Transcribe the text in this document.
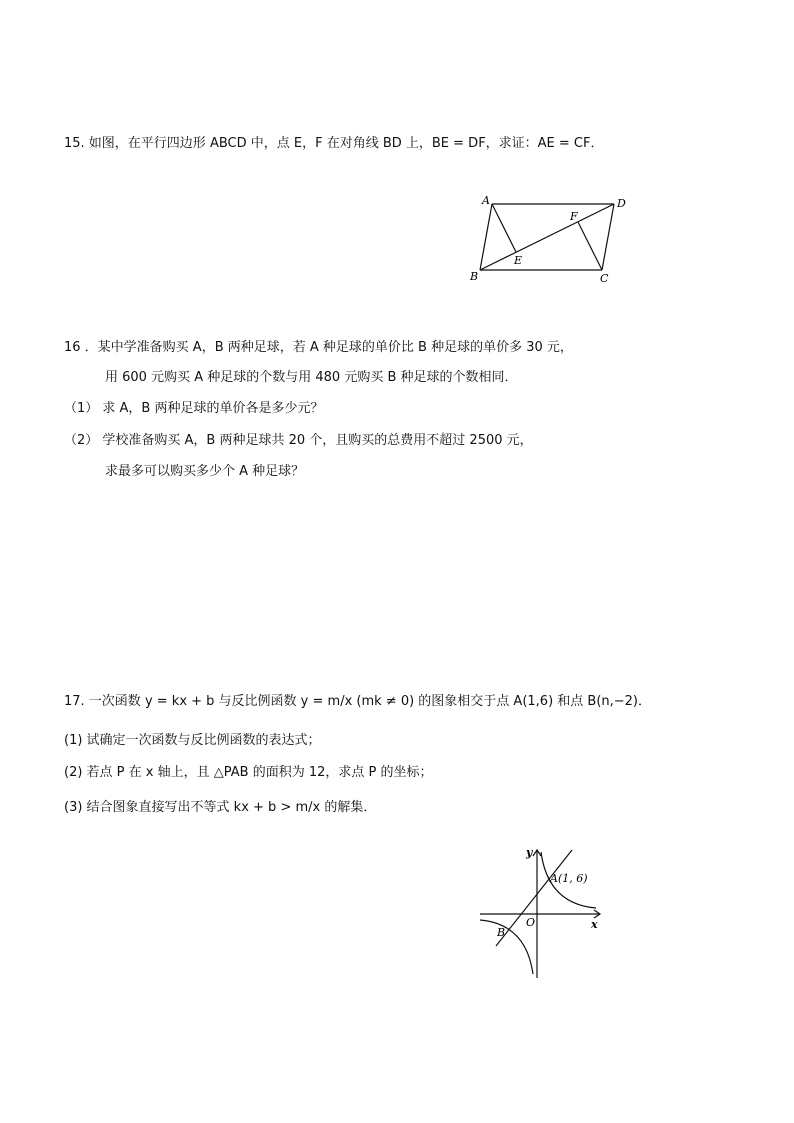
15. 如图，在平行四边形 ABCD 中，点 E，F 在对角线 BD 上，BE = DF，求证：AE = CF．
A	D
B	C
E
F
16 ．某中学准备购买 A，B 两种足球，若 A 种足球的单价比 B 种足球的单价多 30 元，
用 600 元购买 A 种足球的个数与用 480 元购买 B 种足球的个数相同．
（1） 求 A，B 两种足球的单价各是多少元？
（2） 学校准备购买 A，B 两种足球共 20 个，且购买的总费用不超过 2500 元，
求最多可以购买多少个 A 种足球？
17. 一次函数 y = kx + b 与反比例函数 y = m/x (mk ≠ 0) 的图象相交于点 A(1,6) 和点 B(n,−2)．
(1) 试确定一次函数与反比例函数的表达式；
(2) 若点 P 在 x 轴上，且 △PAB 的面积为 12，求点 P 的坐标；
(3) 结合图象直接写出不等式 kx + b > m/x 的解集．
y
x
O
A(1, 6)
B
